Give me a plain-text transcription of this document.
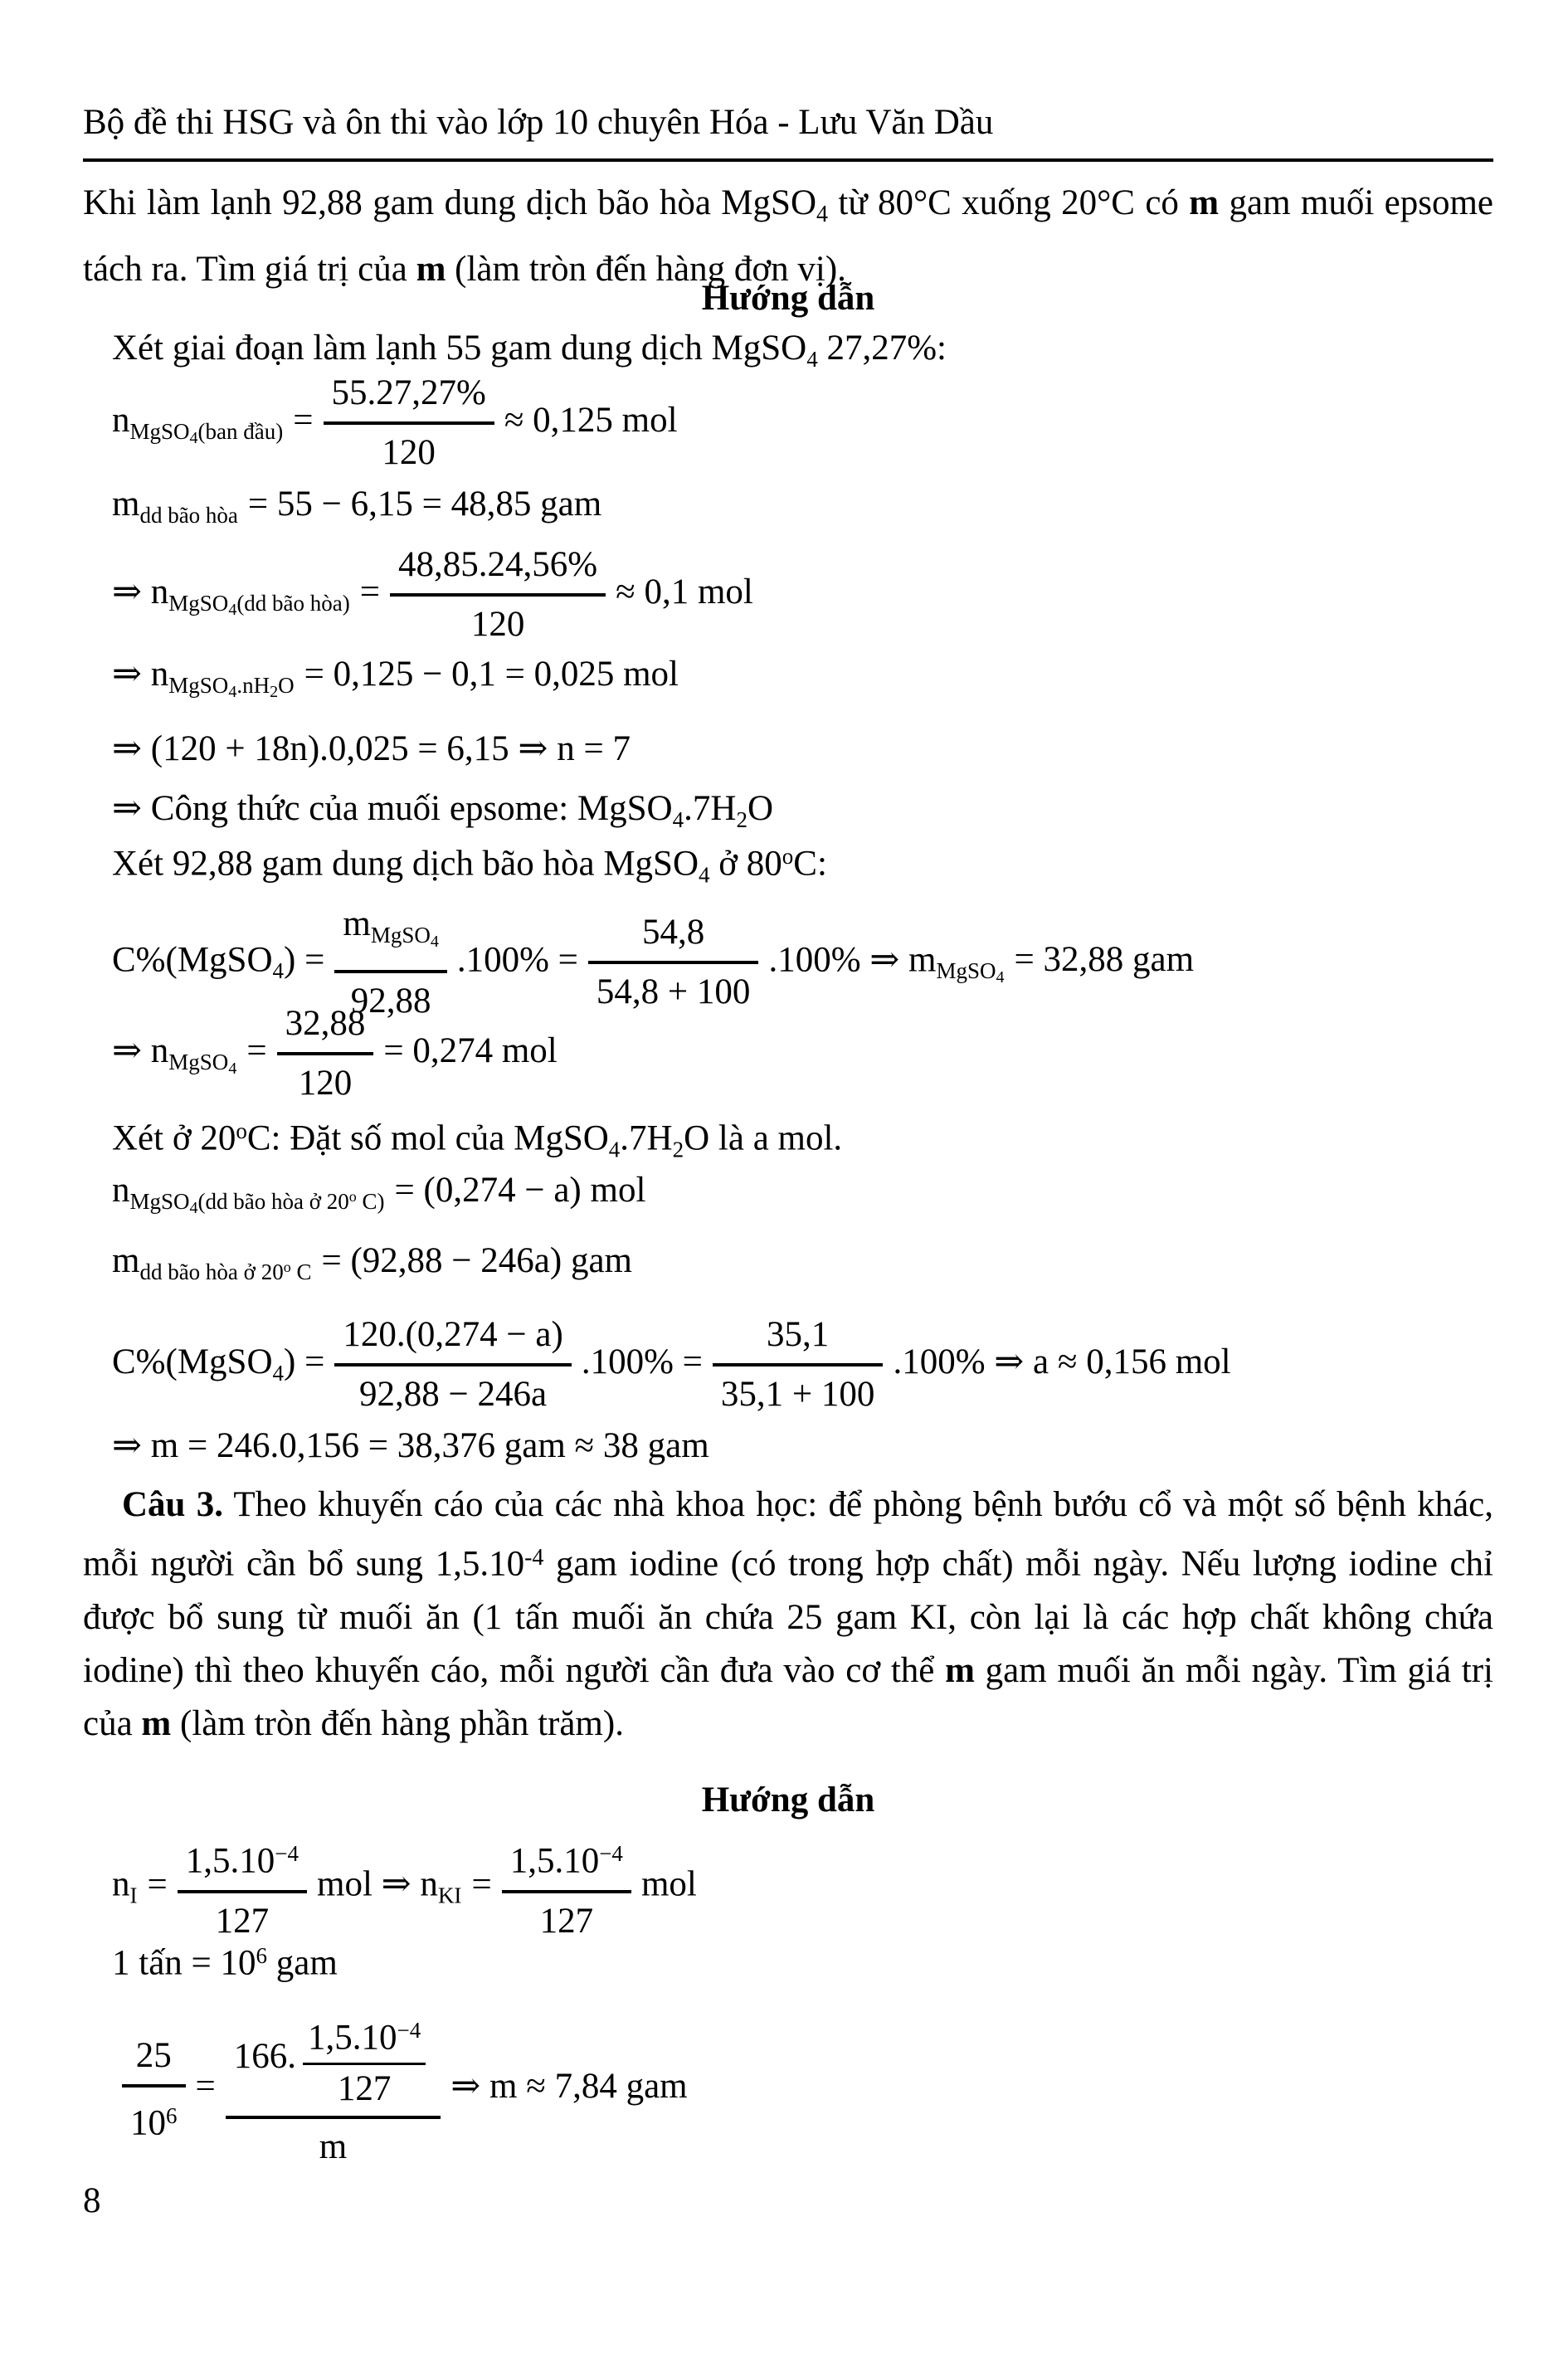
Bộ đề thi HSG và ôn thi vào lớp 10 chuyên Hóa - Lưu Văn Dầu

Khi làm lạnh 92,88 gam dung dịch bão hòa MgSO$_4$ từ 80°C xuống 20°C có m gam muối epsome tách ra. Tìm giá trị của m (làm tròn đến hàng đơn vị).

Hướng dẫn
Xét giai đoạn làm lạnh 55 gam dung dịch MgSO$_4$ 27,27%:
$n_{MgSO4(ban đầu)} = \frac{55.27,27\%}{120} \approx 0,125$ mol
$m_{dd bão hòa} = 55 - 6,15 = 48,85$ gam
⇒ $n_{MgSO4(dd bão hòa)} = \frac{48,85.24,56\%}{120} \approx 0,1$ mol
⇒ $n_{MgSO4.nH2O} = 0,125 - 0,1 = 0,025$ mol
⇒ (120 + 18n).0,025 = 6,15 ⇒ n = 7
⇒ Công thức của muối epsome: $MgSO_4.7H_2O$
Xét 92,88 gam dung dịch bão hòa MgSO$_4$ ở 80$^o$C:
C%(MgSO$_4$) = $\frac{m_{MgSO4}}{92,88} .100\% = \frac{54,8}{54,8 + 100} .100\%$ ⇒ $m_{MgSO4} = 32,88$ gam
⇒ $n_{MgSO4} = \frac{32,88}{120} = 0,274$ mol
Xét ở 20$^o$C: Đặt số mol của $MgSO_4.7H_2O$ là a mol.
$n_{MgSO4(dd bão hòa ở 20^o C)} = (0,274 - a)$ mol
$m_{dd bão hòa ở 20^o C} = (92,88 - 246a)$ gam
C%(MgSO$_4$) = $\frac{120.(0,274 - a)}{92,88 - 246a} .100\% = \frac{35,1}{35,1 + 100} .100\%$ ⇒ a ≈ 0,156 mol
⇒ m = 246.0,156 = 38,376 gam ≈ 38 gam

Câu 3. Theo khuyến cáo của các nhà khoa học: để phòng bệnh bướu cổ và một số bệnh khác, mỗi người cần bổ sung $1,5.10^{-4}$ gam iodine (có trong hợp chất) mỗi ngày. Nếu lượng iodine chỉ được bổ sung từ muối ăn (1 tấn muối ăn chứa 25 gam KI, còn lại là các hợp chất không chứa iodine) thì theo khuyến cáo, mỗi người cần đưa vào cơ thể m gam muối ăn mỗi ngày. Tìm giá trị của m (làm tròn đến hàng phần trăm).

Hướng dẫn
$n_I = \frac{1,5.10^{-4}}{127}$ mol ⇒ $n_{KI} = \frac{1,5.10^{-4}}{127}$ mol
1 tấn = $10^6$ gam
$\frac{25}{10^6} = \frac{166. \frac{1,5.10^{-4}}{127}}{m}$ ⇒ m ≈ 7,84 gam
8
